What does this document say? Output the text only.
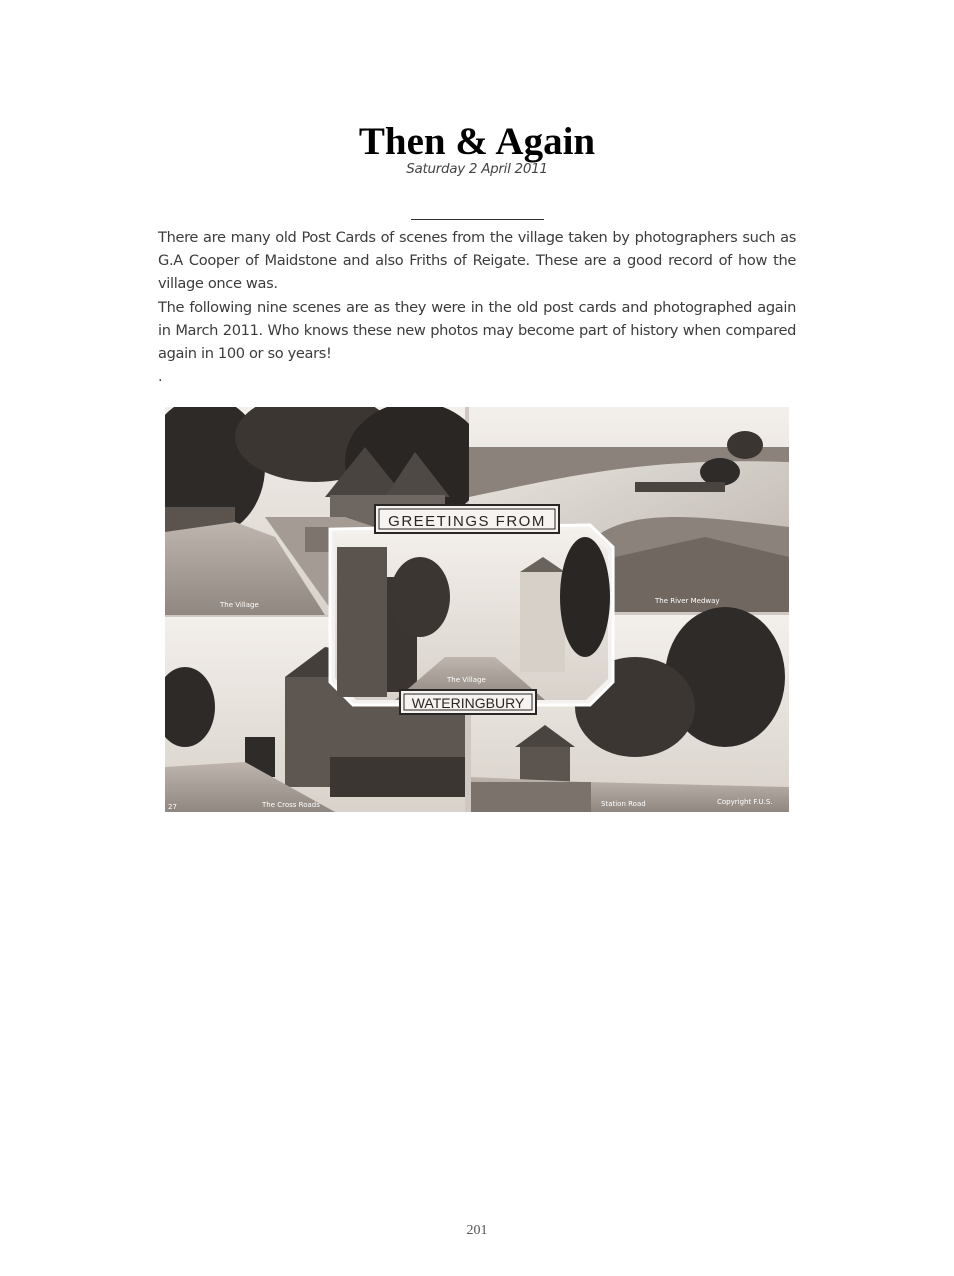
Then & Again
Saturday 2 April 2011

There are many old Post Cards of scenes from the village taken by photographers such as G.A Cooper of Maidstone and also Friths of Reigate. These are a good record of how the village once was.

The following nine scenes are as they were in the old post cards and photographed again in March 2011. Who knows these new photos may become part of history when compared again in 100 or so years!

.

GREETINGS FROM
WATERINGBURY
The Village	The River Medway
The Village
The Cross Roads	Station Road
27
Copyright F.U.S.
201
